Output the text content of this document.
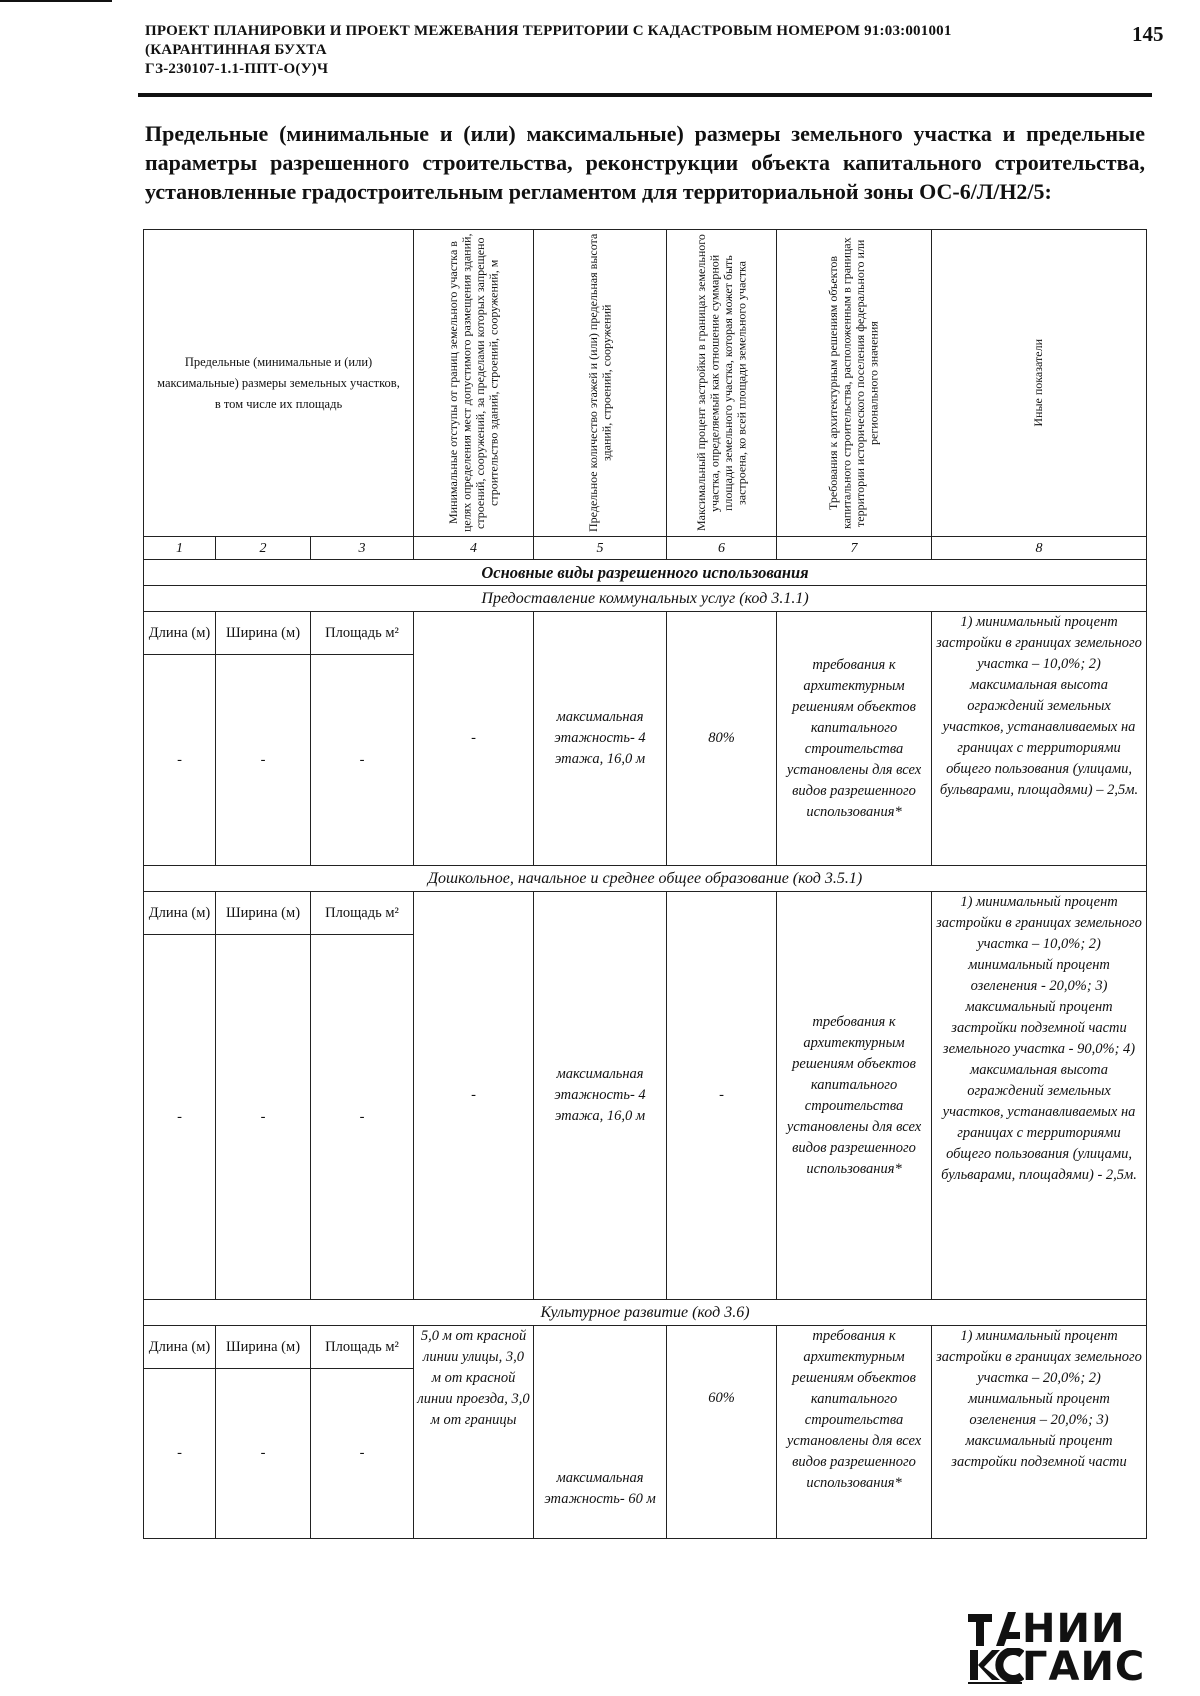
ПРОЕКТ ПЛАНИРОВКИ И ПРОЕКТ МЕЖЕВАНИЯ ТЕРРИТОРИИ С КАДАСТРОВЫМ НОМЕРОМ 91:03:001001
(КАРАНТИННАЯ БУХТА
ГЗ-230107-1.1-ППТ-О(У)Ч
145
Предельные (минимальные и (или) максимальные) размеры земельного участка и предельные параметры разрешенного строительства, реконструкции объекта капитального строительства, установленные градостроительным регламентом для территориальной зоны ОС-6/Л/Н2/5:
Предельные (минимальные и (или) максимальные) размеры земельных участков, в том числе их площадь			Минимальные отступы от границ земельного участка в целях определения мест допустимого размещения зданий, строений, сооружений, за пределами которых запрещено строительство зданий, строений, сооружений, м	Предельное количество этажей и (или) предельная высота зданий, строений, сооружений	Максимальный процент застройки в границах земельного участка, определяемый как отношение суммарной площади земельного участка, которая может быть застроена, ко всей площади земельного участка	Требования к архитектурным решениям объектов капитального строительства, расположенным в границах территории исторического поселения федерального или регионального значения	Иные показатели

1	2	3	4	5	6	7	8
Основные виды разрешенного использования							
Предоставление коммунальных услуг (код 3.1.1)							
Длина (м)	Ширина (м)	Площадь м²	-	максимальная этажность- 4 этажа, 16,0 м	80%	требования к архитектурным решениям объектов капитального строительства установлены для всех видов разрешенного использования*	1) минимальный процент застройки в границах земельного участка – 10,0%; 2) максимальная высота ограждений земельных участков, устанавливаемых на границах с территориями общего пользования (улицами, бульварами, площадями) – 2,5м.
-	-	-					
Дошкольное, начальное и среднее общее образование (код 3.5.1)							
Длина (м)	Ширина (м)	Площадь м²	-	максимальная этажность- 4 этажа, 16,0 м	-	требования к архитектурным решениям объектов капитального строительства установлены для всех видов разрешенного использования*	1) минимальный процент застройки в границах земельного участка – 10,0%; 2) минимальный процент озеленения - 20,0%; 3) максимальный процент застройки подземной части земельного участка - 90,0%; 4) максимальная высота ограждений земельных участков, устанавливаемых на границах с территориями общего пользования (улицами, бульварами, площадями) - 2,5м.
-	-	-					
Культурное развитие (код 3.6)							
Длина (м)	Ширина (м)	Площадь м²	5,0 м от красной линии улицы, 3,0 м от красной линии проезда, 3,0 м от границы	максимальная этажность- 60 м	60%	требования к архитектурным решениям объектов капитального строительства установлены для всех видов разрешенного использования*	1) минимальный процент застройки в границах земельного участка – 20,0%; 2) минимальный процент озеленения – 20,0%; 3) максимальный процент застройки подземной части
-	-	-					
НИИ
ГАИС
